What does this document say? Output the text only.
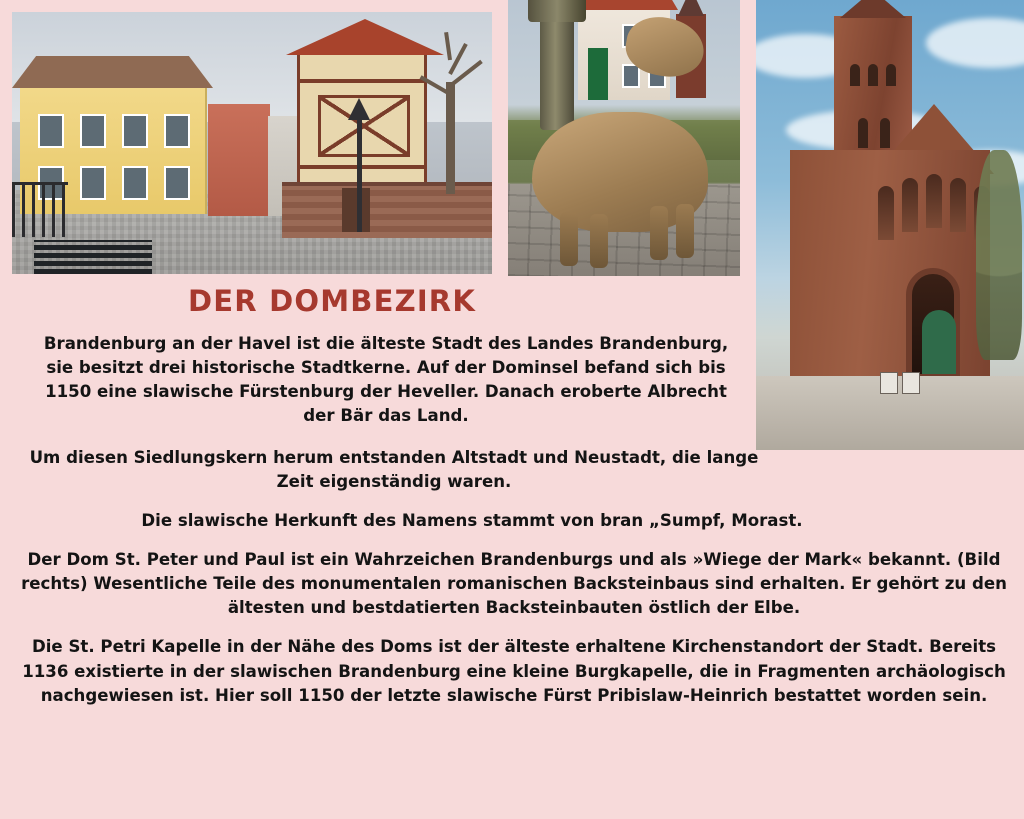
DER DOMBEZIRK

Brandenburg an der Havel ist die älteste Stadt des Landes Brandenburg, sie besitzt drei historische Stadtkerne. Auf der Dominsel befand sich bis 1150 eine slawische Fürstenburg der Heveller. Danach eroberte Albrecht der Bär das Land.

Um diesen Siedlungskern herum entstanden Altstadt und Neustadt, die lange Zeit eigenständig waren.

Die slawische Herkunft des Namens stammt von bran „Sumpf, Morast.

Der Dom St. Peter und Paul ist ein Wahrzeichen Brandenburgs und als »Wiege der Mark« bekannt. (Bild rechts) Wesentliche Teile des monumentalen romanischen Backsteinbaus sind erhalten. Er gehört zu den ältesten und bestdatierten Backsteinbauten östlich der Elbe.

Die St. Petri Kapelle in der Nähe des Doms ist der älteste erhaltene Kirchenstandort der Stadt. Bereits 1136 existierte in der slawischen Brandenburg eine kleine Burgkapelle, die in Fragmenten archäologisch nachgewiesen ist. Hier soll 1150 der letzte slawische Fürst Pribislaw-Heinrich bestattet worden sein.
